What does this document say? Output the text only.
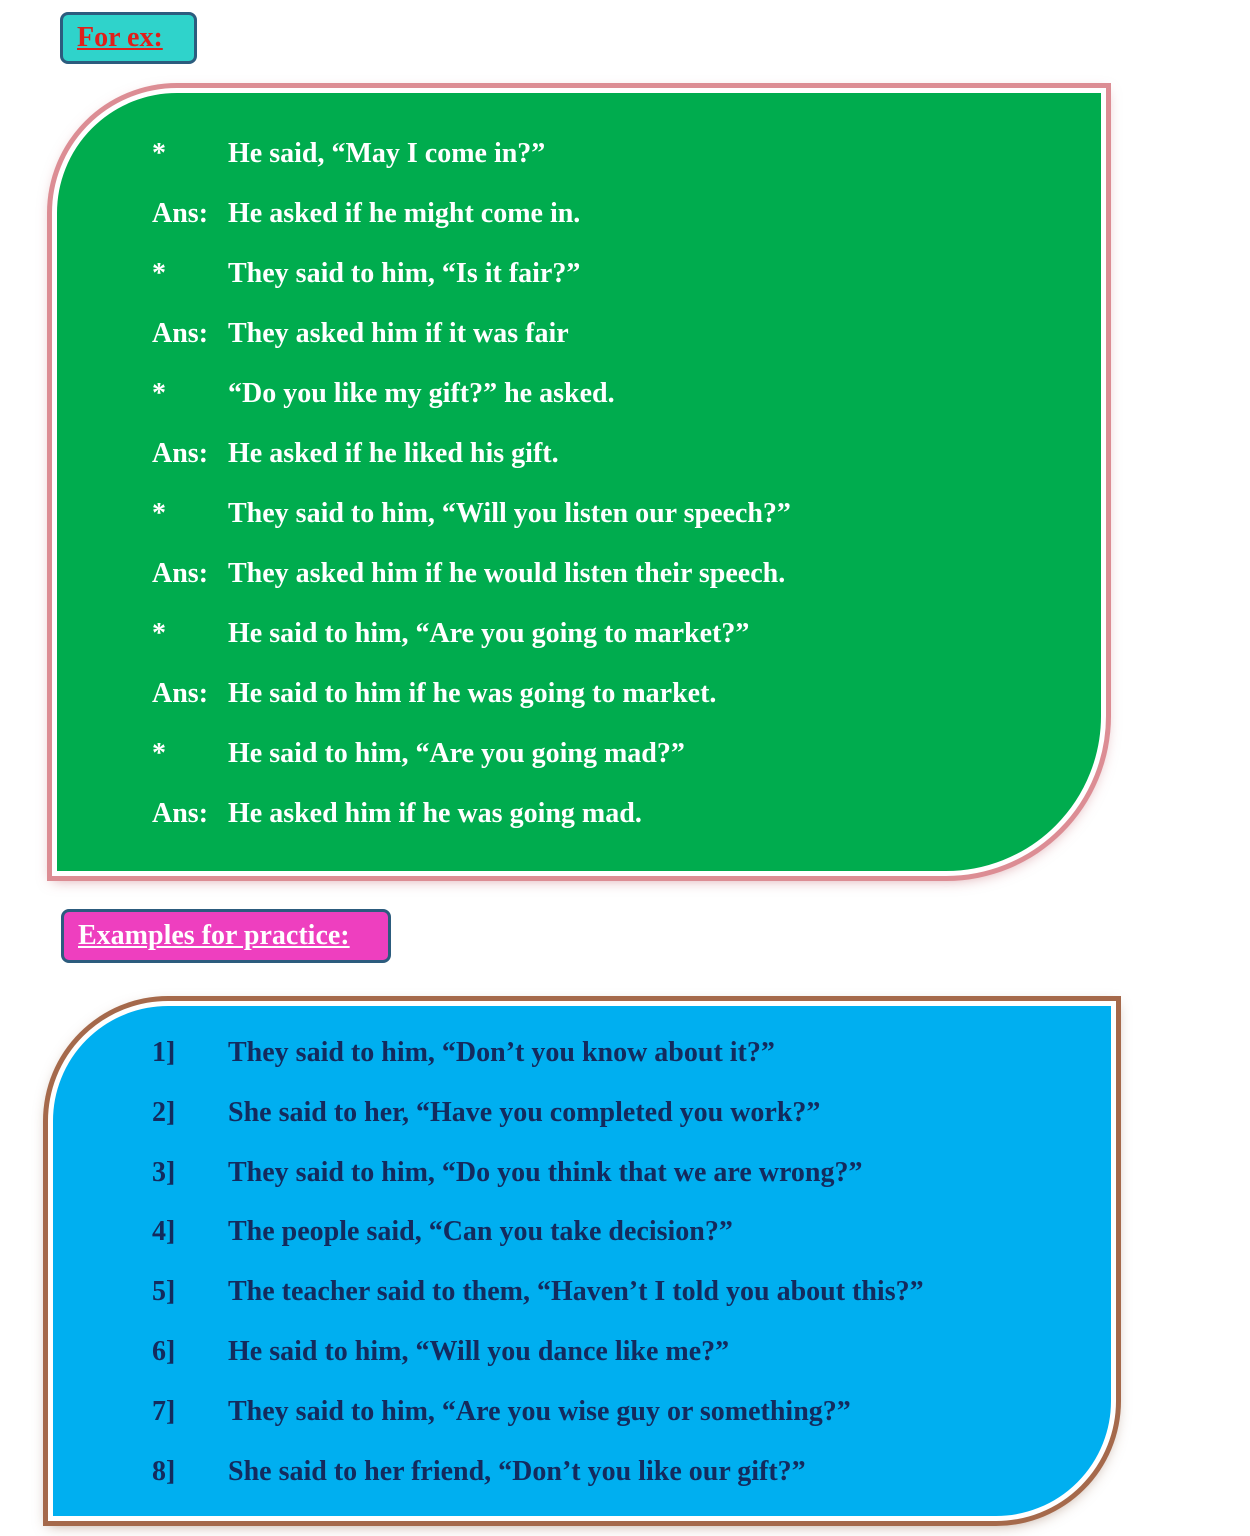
For ex:
*	He said, “May I come in?”
Ans: He asked if he might come in.
*	They said to him, “Is it fair?”
Ans: They asked him if it was fair
*	“Do you like my gift?” he asked.
Ans: He asked if he liked his gift.
*	They said to him, “Will you listen our speech?”
Ans: They asked him if he would listen their speech.
*	He said to him, “Are you going to market?”
Ans: He said to him if he was going to market.
*	He said to him, “Are you going mad?”
Ans: He asked him if he was going mad.
Examples for practice:
1]	They said to him, “Don’t you know about it?”
2]	She said to her, “Have you completed you work?”
3]	They said to him, “Do you think that we are wrong?”
4]	The people said, “Can you take decision?”
5]	The teacher said to them, “Haven’t I told you about this?”
6]	He said to him, “Will you dance like me?”
7]	They said to him, “Are you wise guy or something?”
8]	She said to her friend, “Don’t you like our gift?”
